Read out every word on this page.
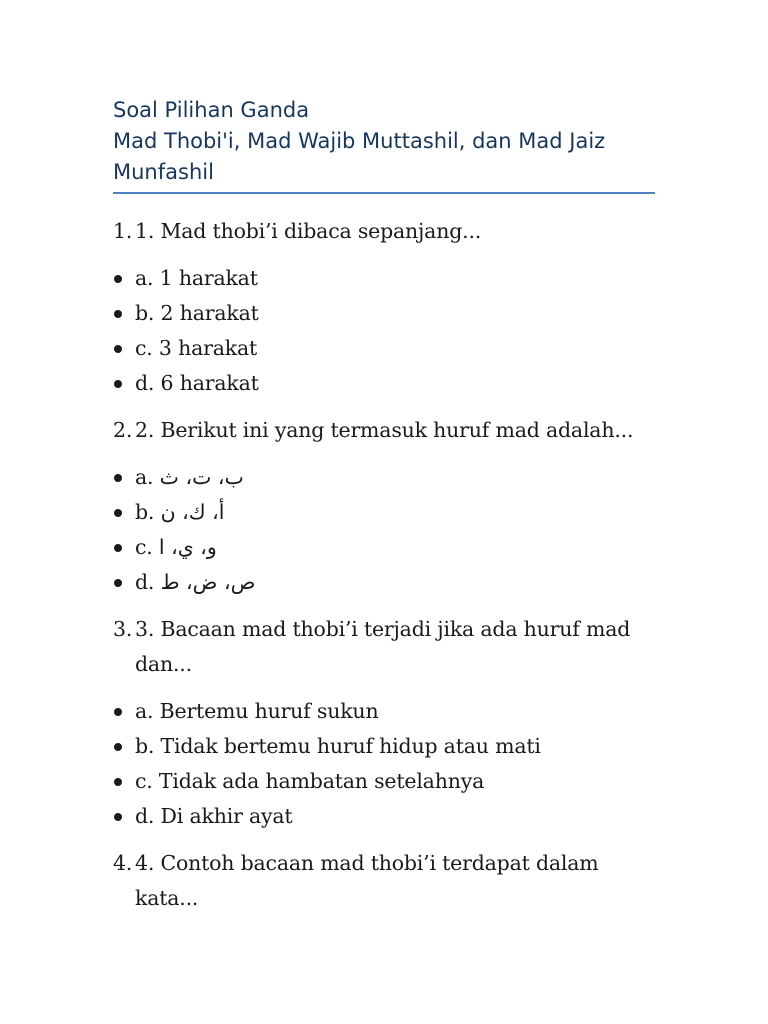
Soal Pilihan Ganda

Mad Thobi'i, Mad Wajib Muttashil, dan Mad Jaiz

Munfashil

1. 1. Mad thobi’i dibaca sepanjang...

a. 1 harakat
b. 2 harakat
c. 3 harakat
d. 6 harakat

2. 2. Berikut ini yang termasuk huruf mad adalah...

a. ب، ت، ث
b. أ، ك، ن
c. و، ي، ا
d. ص، ض، ط

3. 3. Bacaan mad thobi’i terjadi jika ada huruf mad dan...

a. Bertemu huruf sukun
b. Tidak bertemu huruf hidup atau mati
c. Tidak ada hambatan setelahnya
d. Di akhir ayat

4. 4. Contoh bacaan mad thobi’i terdapat dalam kata...
